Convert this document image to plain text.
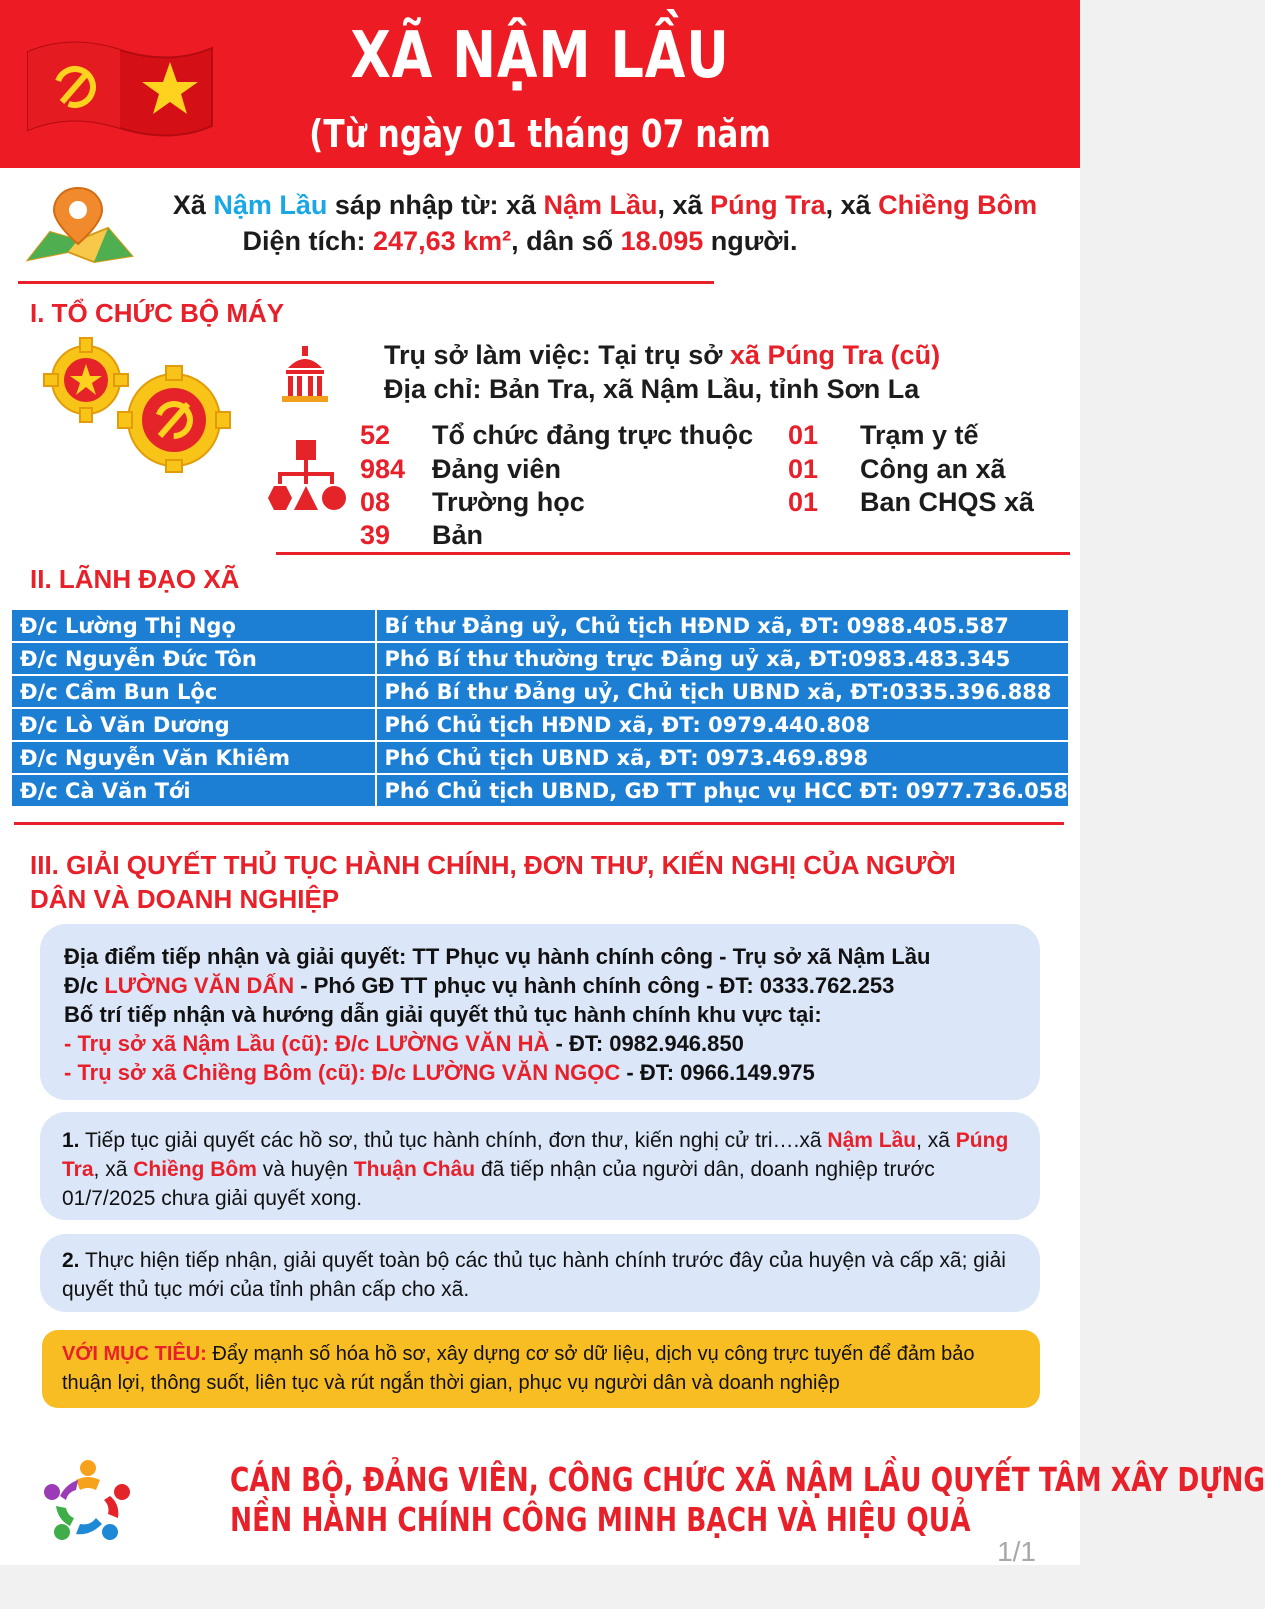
XÃ NẬM LẦU
(Từ ngày 01 tháng 07 năm 2025)
Xã Nậm Lầu sáp nhập từ: xã Nậm Lầu, xã Púng Tra, xã Chiềng Bôm
Diện tích: 247,63 km², dân số 18.095 người.
I. TỔ CHỨC BỘ MÁY
Trụ sở làm việc: Tại trụ sở xã Púng Tra (cũ)
Địa chỉ: Bản Tra, xã Nậm Lầu, tỉnh Sơn La
52 Tổ chức đảng trực thuộc
984 Đảng viên
08 Trường học
39 Bản
01 Trạm y tế
01 Công an xã
01 Ban CHQS xã
II. LÃNH ĐẠO XÃ
Đ/c Lường Thị Ngọ	Bí thư Đảng uỷ, Chủ tịch HĐND xã, ĐT: 0988.405.587
Đ/c Nguyễn Đức Tôn	Phó Bí thư thường trực Đảng uỷ xã, ĐT:0983.483.345
Đ/c Cầm Bun Lộc	Phó Bí thư Đảng uỷ, Chủ tịch UBND xã, ĐT:0335.396.888
Đ/c Lò Văn Dương	Phó Chủ tịch HĐND xã, ĐT: 0979.440.808
Đ/c Nguyễn Văn Khiêm	Phó Chủ tịch UBND xã, ĐT: 0973.469.898
Đ/c Cà Văn Tới	Phó Chủ tịch UBND, GĐ TT phục vụ HCC ĐT: 0977.736.058
III. GIẢI QUYẾT THỦ TỤC HÀNH CHÍNH, ĐƠN THƯ, KIẾN NGHỊ CỦA NGƯỜI
DÂN VÀ DOANH NGHIỆP
Địa điểm tiếp nhận và giải quyết: TT Phục vụ hành chính công - Trụ sở xã Nậm Lầu
Đ/c LƯỜNG VĂN DẤN - Phó GĐ TT phục vụ hành chính công - ĐT: 0333.762.253
Bố trí tiếp nhận và hướng dẫn giải quyết thủ tục hành chính khu vực tại:
- Trụ sở xã Nậm Lầu (cũ): Đ/c LƯỜNG VĂN HÀ - ĐT: 0982.946.850
- Trụ sở xã Chiềng Bôm (cũ): Đ/c LƯỜNG VĂN NGỌC - ĐT: 0966.149.975
1. Tiếp tục giải quyết các hồ sơ, thủ tục hành chính, đơn thư, kiến nghị cử tri….xã Nậm Lầu, xã Púng Tra, xã Chiềng Bôm và huyện Thuận Châu đã tiếp nhận của người dân, doanh nghiệp trước 01/7/2025 chưa giải quyết xong.
2. Thực hiện tiếp nhận, giải quyết toàn bộ các thủ tục hành chính trước đây của huyện và cấp xã; giải quyết thủ tục mới của tỉnh phân cấp cho xã.
VỚI MỤC TIÊU: Đẩy mạnh số hóa hồ sơ, xây dựng cơ sở dữ liệu, dịch vụ công trực tuyến để đảm bảo thuận lợi, thông suốt, liên tục và rút ngắn thời gian, phục vụ người dân và doanh nghiệp
CÁN BỘ, ĐẢNG VIÊN, CÔNG CHỨC XÃ NẬM LẦU QUYẾT TÂM XÂY DỰNG
NỀN HÀNH CHÍNH CÔNG MINH BẠCH VÀ HIỆU QUẢ
1/1
